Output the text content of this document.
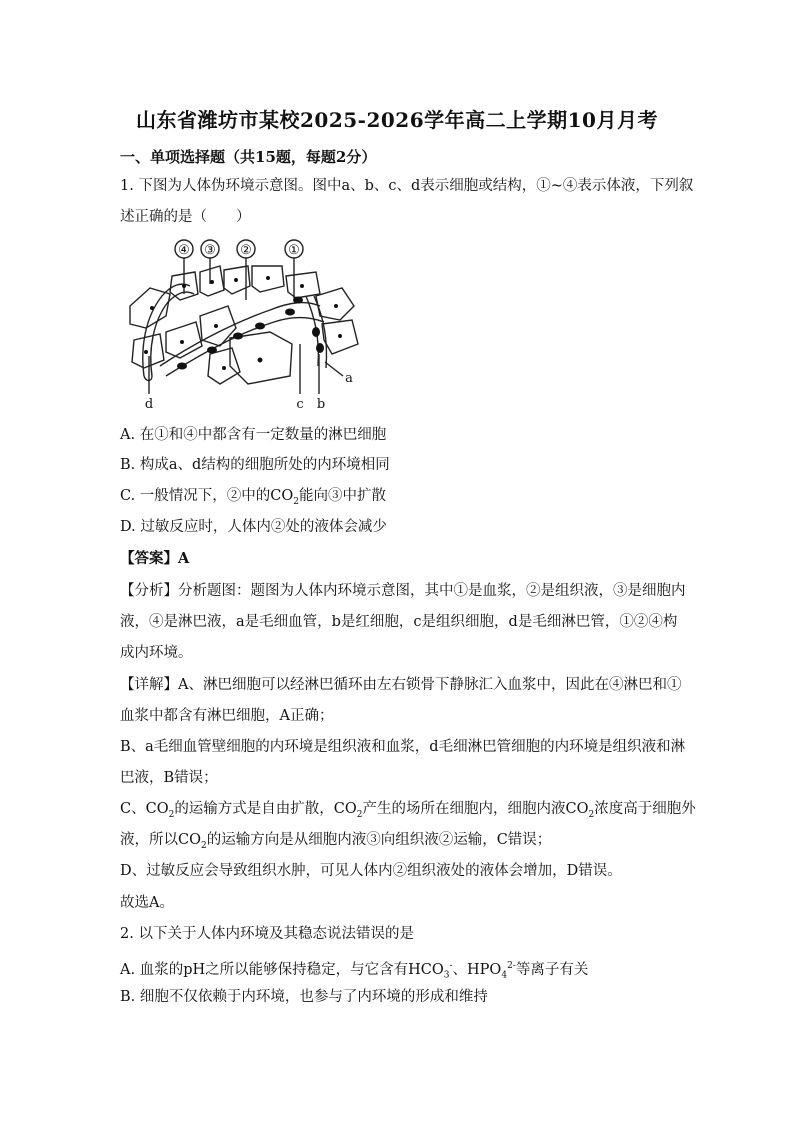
山东省潍坊市某校2025-2026学年高二上学期10月月考
一、单项选择题（共15题，每题2分）
1. 下图为人体伪环境示意图。图中a、b、c、d表示细胞或结构，①~④表示体液，下列叙
述正确的是（　　）
④ ③ ②	①
a
b
c
d
A. 在①和④中都含有一定数量的淋巴细胞
B. 构成a、d结构的细胞所处的内环境相同
C. 一般情况下，②中的$CO_2$能向③中扩散
D. 过敏反应时，人体内②处的液体会减少
【答案】A
【分析】分析题图：题图为人体内环境示意图，其中①是血浆，②是组织液，③是细胞内
液，④是淋巴液，a是毛细血管，b是红细胞，c是组织细胞，d是毛细淋巴管，①②④构
成内环境。
【详解】A、淋巴细胞可以经淋巴循环由左右锁骨下静脉汇入血浆中，因此在④淋巴和①
血浆中都含有淋巴细胞，A正确；
B、a毛细血管壁细胞的内环境是组织液和血浆，d毛细淋巴管细胞的内环境是组织液和淋
巴液，B错误；
C、$CO_2$的运输方式是自由扩散，$CO_2$产生的场所在细胞内，细胞内液$CO_2$浓度高于细胞外
液，所以$CO_2$的运输方向是从细胞内液③向组织液②运输，C错误；
D、过敏反应会导致组织水肿，可见人体内②组织液处的液体会增加，D错误。
故选A。
2. 以下关于人体内环境及其稳态说法错误的是
A. 血浆的pH之所以能够保持稳定，与它含有$HCO_3^-$、$HPO_4^{2-}$等离子有关
B. 细胞不仅依赖于内环境，也参与了内环境的形成和维持
